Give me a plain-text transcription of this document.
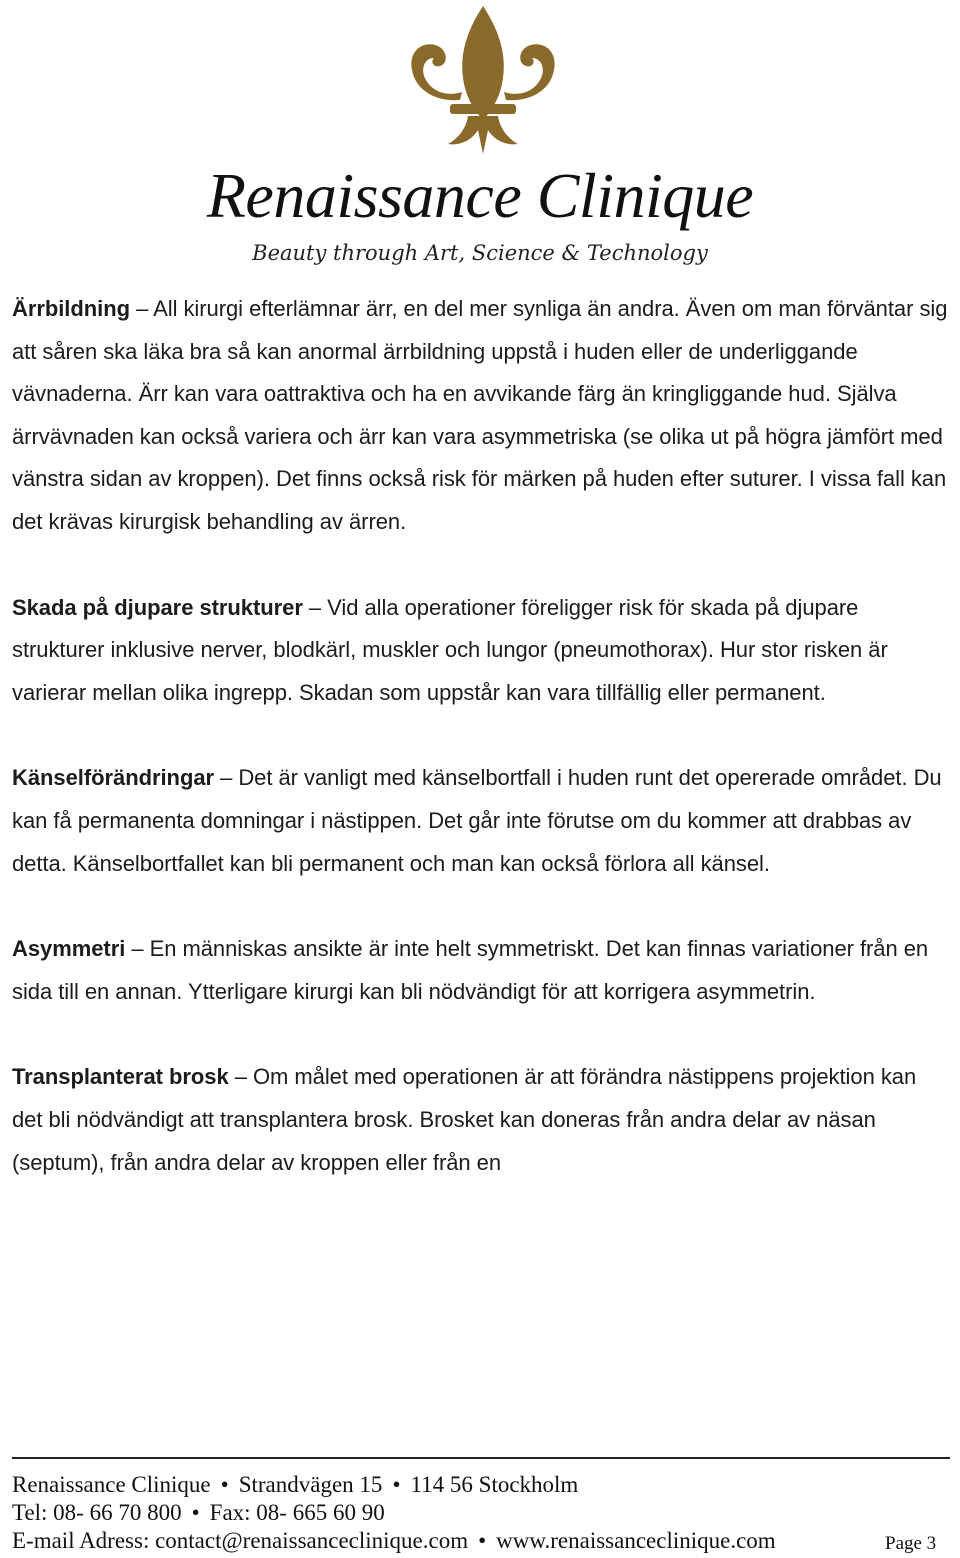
Renaissance Clinique
Beauty through Art, Science & Technology

Ärrbildning – All kirurgi efterlämnar ärr, en del mer synliga än andra. Även om man förväntar sig att såren ska läka bra så kan anormal ärrbildning uppstå i huden eller de underliggande vävnaderna. Ärr kan vara oattraktiva och ha en avvikande färg än kringliggande hud. Själva ärrvävnaden kan också variera och ärr kan vara asymmetriska (se olika ut på högra jämfört med vänstra sidan av kroppen). Det finns också risk för märken på huden efter suturer. I vissa fall kan det krävas kirurgisk behandling av ärren.

Skada på djupare strukturer – Vid alla operationer föreligger risk för skada på djupare strukturer inklusive nerver, blodkärl, muskler och lungor (pneumothorax). Hur stor risken är varierar mellan olika ingrepp. Skadan som uppstår kan vara tillfällig eller permanent.

Känselförändringar – Det är vanligt med känselbortfall i huden runt det opererade området. Du kan få permanenta domningar i nästippen. Det går inte förutse om du kommer att drabbas av detta. Känselbortfallet kan bli permanent och man kan också förlora all känsel.

Asymmetri – En människas ansikte är inte helt symmetriskt. Det kan finnas variationer från en sida till en annan. Ytterligare kirurgi kan bli nödvändigt för att korrigera asymmetrin.

Transplanterat brosk – Om målet med operationen är att förändra nästippens projektion kan det bli nödvändigt att transplantera brosk. Brosket kan doneras från andra delar av näsan (septum), från andra delar av kroppen eller från en

Renaissance Clinique • Strandvägen 15 • 114 56 Stockholm
Tel: 08- 66 70 800 • Fax: 08- 665 60 90
E-mail Adress: contact@renaissanceclinique.com • www.renaissanceclinique.com	Page 3
